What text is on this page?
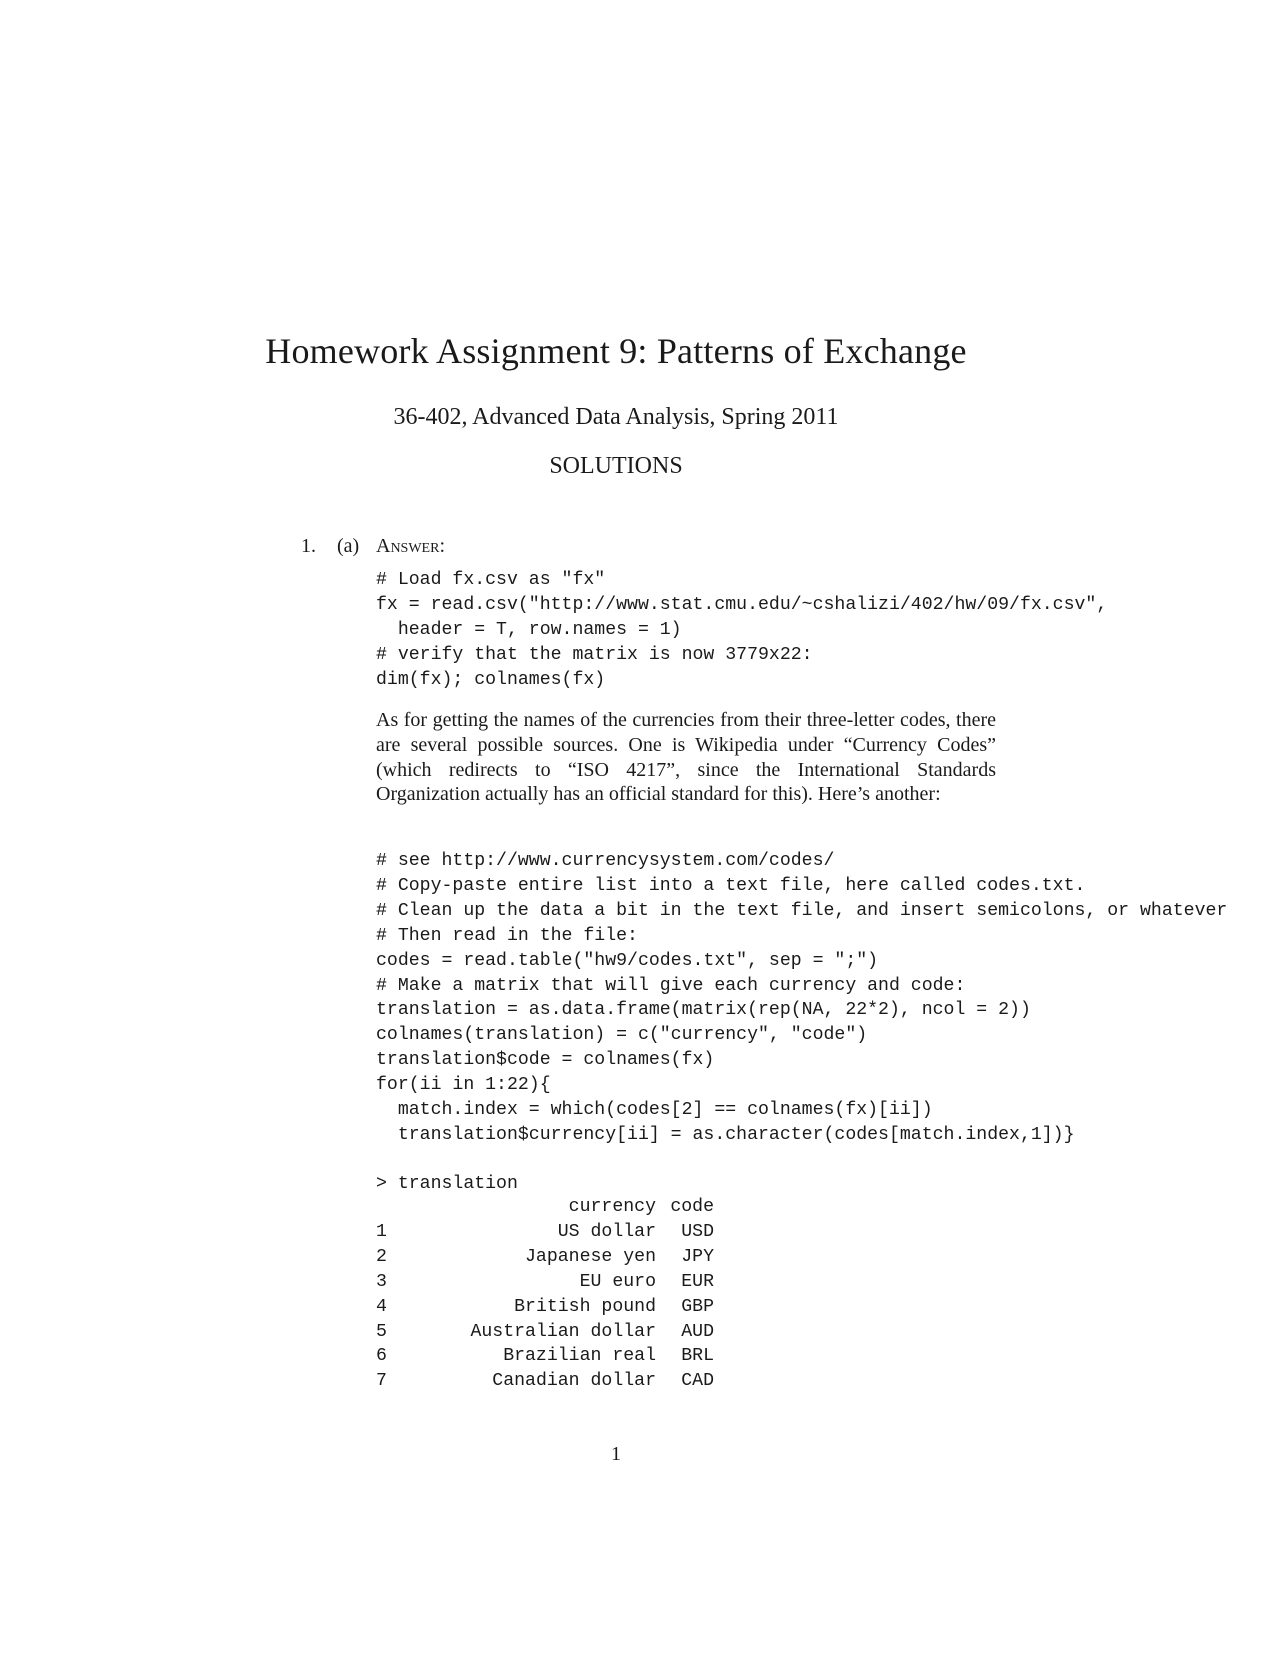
Homework Assignment 9: Patterns of Exchange
36-402, Advanced Data Analysis, Spring 2011
SOLUTIONS
1. (a) Answer:
# Load fx.csv as "fx"
fx = read.csv("http://www.stat.cmu.edu/~cshalizi/402/hw/09/fx.csv",
header = T, row.names = 1)
# verify that the matrix is now 3779x22:
dim(fx); colnames(fx)

As for getting the names of the currencies from their three-letter codes, there are several possible sources. One is Wikipedia under “Currency Codes” (which redirects to “ISO 4217”, since the International Standards Organization actually has an official standard for this). Here’s another:

# see http://www.currencysystem.com/codes/
# Copy-paste entire list into a text file, here called codes.txt.
# Clean up the data a bit in the text file, and insert semicolons, or whatever
# Then read in the file:
codes = read.table("hw9/codes.txt", sep = ";")
# Make a matrix that will give each currency and code:
translation = as.data.frame(matrix(rep(NA, 22*2), ncol = 2))
colnames(translation) = c("currency", "code")
translation$code = colnames(fx)
for(ii in 1:22){
match.index = which(codes[2] == colnames(fx)[ii])
translation$currency[ii] = as.character(codes[match.index,1])}
> translation
	currency	code
1	US dollar	USD
2	Japanese yen	JPY
3	EU euro	EUR
4	British pound	GBP
5	Australian dollar	AUD
6	Brazilian real	BRL
7	Canadian dollar	CAD
1
